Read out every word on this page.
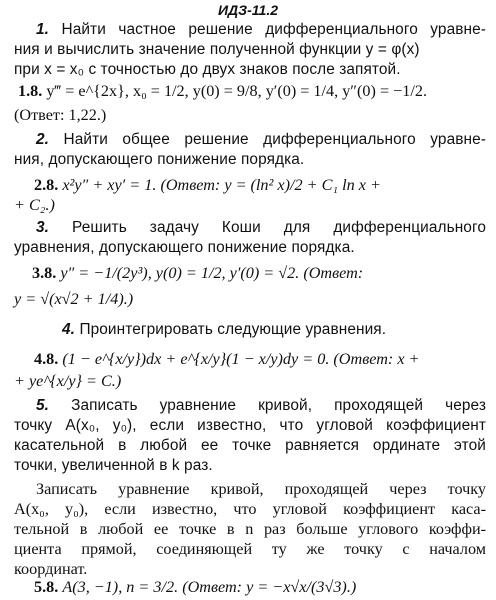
ИДЗ-11.2
1. Найти частное решение дифференциального уравне-
ния и вычислить значение полученной функции y = φ(x)
при x = x₀ с точностью до двух знаков после запятой.
1.8. y‴ = e^{2x}, x₀ = 1/2, y(0) = 9/8, y′(0) = 1/4, y″(0) = −1/2.
(Ответ: 1,22.)
2. Найти общее решение дифференциального уравне-
ния, допускающего понижение порядка.
2.8. x²y″ + xy′ = 1. (Ответ: y = (ln² x)/2 + C₁ ln x +
+ C₂.)
3. Решить задачу Коши для дифференциального
уравнения, допускающего понижение порядка.
3.8. y″ = −1/(2y³), y(0) = 1/2, y′(0) = √2. (Ответ:
y = √(x√2 + 1/4).)
4. Проинтегрировать следующие уравнения.
4.8. (1 − e^{x/y})dx + e^{x/y}(1 − x/y)dy = 0. (Ответ: x +
+ ye^{x/y} = C.)
5. Записать уравнение кривой, проходящей через
точку A(x₀, y₀), если известно, что угловой коэффициент
касательной в любой ее точке равняется ординате этой
точки, увеличенной в k раз.
Записать уравнение кривой, проходящей через точку
A(x₀, y₀), если известно, что угловой коэффициент каса-
тельной в любой ее точке в n раз больше углового коэффи-
циента прямой, соединяющей ту же точку с началом
координат.
5.8. A(3, −1), n = 3/2. (Ответ: y = −x√x/(3√3).)
